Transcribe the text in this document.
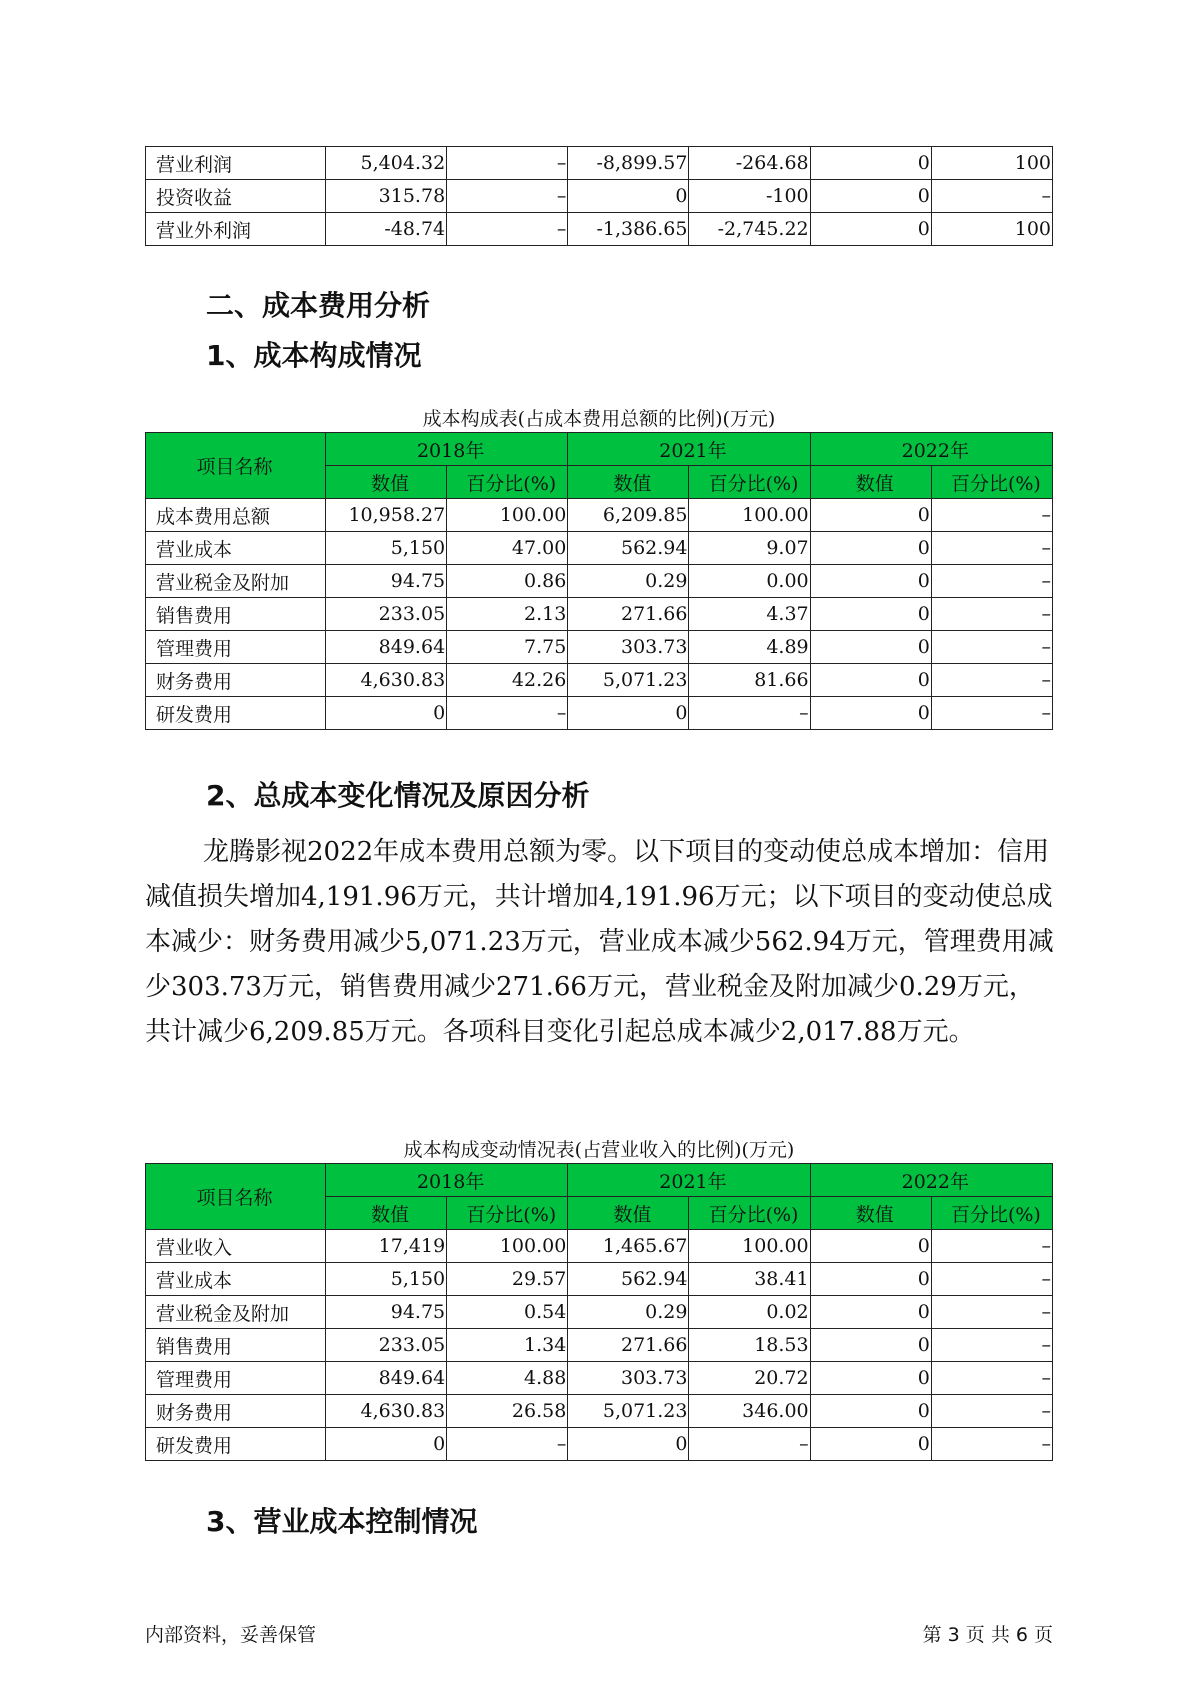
营业利润	5,404.32	–	-8,899.57	-264.68	0	100
投资收益	315.78	–	0	-100	0	–
营业外利润	-48.74	–	-1,386.65	-2,745.22	0	100
二、成本费用分析
1、成本构成情况
成本构成表(占成本费用总额的比例)(万元)
项目名称	2018年		2021年		2022年	
	数值	百分比(%)	数值	百分比(%)	数值	百分比(%)
成本费用总额	10,958.27	100.00	6,209.85	100.00	0	–
营业成本	5,150	47.00	562.94	9.07	0	–
营业税金及附加	94.75	0.86	0.29	0.00	0	–
销售费用	233.05	2.13	271.66	4.37	0	–
管理费用	849.64	7.75	303.73	4.89	0	–
财务费用	4,630.83	42.26	5,071.23	81.66	0	–
研发费用	0	–	0	–	0	–
2、总成本变化情况及原因分析

龙腾影视2022年成本费用总额为零。以下项目的变动使总成本增加：信用减值损失增加4,191.96万元，共计增加4,191.96万元；以下项目的变动使总成本减少：财务费用减少5,071.23万元，营业成本减少562.94万元，管理费用减少303.73万元，销售费用减少271.66万元，营业税金及附加减少0.29万元，共计减少6,209.85万元。各项科目变化引起总成本减少2,017.88万元。

成本构成变动情况表(占营业收入的比例)(万元)
项目名称	2018年		2021年		2022年	
	数值	百分比(%)	数值	百分比(%)	数值	百分比(%)
营业收入	17,419	100.00	1,465.67	100.00	0	–
营业成本	5,150	29.57	562.94	38.41	0	–
营业税金及附加	94.75	0.54	0.29	0.02	0	–
销售费用	233.05	1.34	271.66	18.53	0	–
管理费用	849.64	4.88	303.73	20.72	0	–
财务费用	4,630.83	26.58	5,071.23	346.00	0	–
研发费用	0	–	0	–	0	–
3、营业成本控制情况
内部资料，妥善保管	第 3 页 共 6 页
